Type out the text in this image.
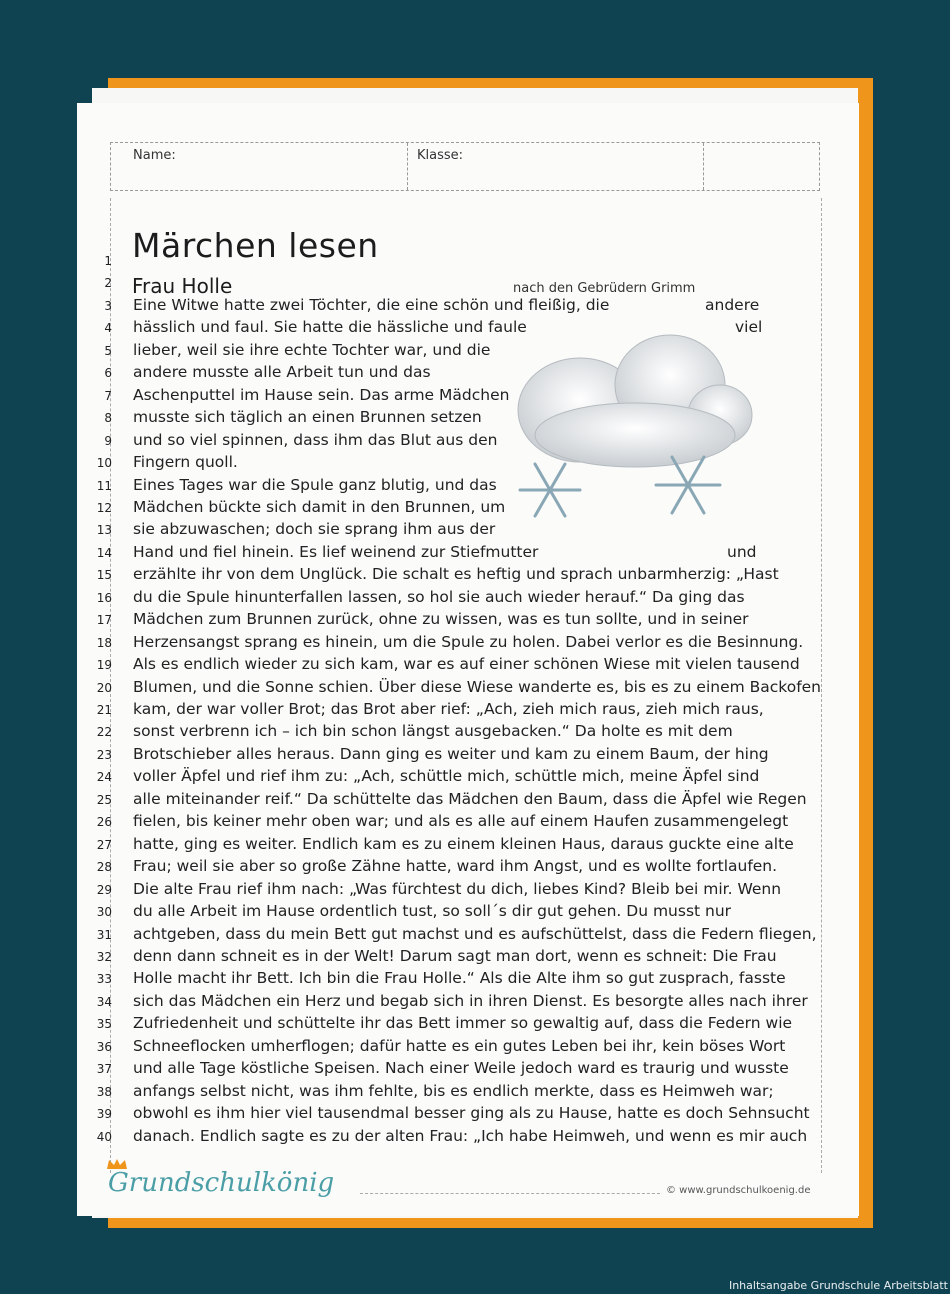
Name:	Klasse:
Märchen lesen
Frau Holle	nach den Gebrüdern Grimm
1
2
3 Eine Witwe hatte zwei Töchter, die eine schön und fleißig, die	andere
4 hässlich und faul. Sie hatte die hässliche und faule	viel
5 lieber, weil sie ihre echte Tochter war, und die
6 andere musste alle Arbeit tun und das
7 Aschenputtel im Hause sein. Das arme Mädchen
8 musste sich täglich an einen Brunnen setzen
9 und so viel spinnen, dass ihm das Blut aus den
10 Fingern quoll.
11 Eines Tages war die Spule ganz blutig, und das
12 Mädchen bückte sich damit in den Brunnen, um
13 sie abzuwaschen; doch sie sprang ihm aus der
14 Hand und fiel hinein. Es lief weinend zur Stiefmutter	und
15 erzählte ihr von dem Unglück. Die schalt es heftig und sprach unbarmherzig: „Hast
16 du die Spule hinunterfallen lassen, so hol sie auch wieder herauf.“ Da ging das
17 Mädchen zum Brunnen zurück, ohne zu wissen, was es tun sollte, und in seiner
18 Herzensangst sprang es hinein, um die Spule zu holen. Dabei verlor es die Besinnung.
19 Als es endlich wieder zu sich kam, war es auf einer schönen Wiese mit vielen tausend
20 Blumen, und die Sonne schien. Über diese Wiese wanderte es, bis es zu einem Backofen
21 kam, der war voller Brot; das Brot aber rief: „Ach, zieh mich raus, zieh mich raus,
22 sonst verbrenn ich – ich bin schon längst ausgebacken.“ Da holte es mit dem
23 Brotschieber alles heraus. Dann ging es weiter und kam zu einem Baum, der hing
24 voller Äpfel und rief ihm zu: „Ach, schüttle mich, schüttle mich, meine Äpfel sind
25 alle miteinander reif.“ Da schüttelte das Mädchen den Baum, dass die Äpfel wie Regen
26 fielen, bis keiner mehr oben war; und als es alle auf einem Haufen zusammengelegt
27 hatte, ging es weiter. Endlich kam es zu einem kleinen Haus, daraus guckte eine alte
28 Frau; weil sie aber so große Zähne hatte, ward ihm Angst, und es wollte fortlaufen.
29 Die alte Frau rief ihm nach: „Was fürchtest du dich, liebes Kind? Bleib bei mir. Wenn
30 du alle Arbeit im Hause ordentlich tust, so soll´s dir gut gehen. Du musst nur
31 achtgeben, dass du mein Bett gut machst und es aufschüttelst, dass die Federn fliegen,
32 denn dann schneit es in der Welt! Darum sagt man dort, wenn es schneit: Die Frau
33 Holle macht ihr Bett. Ich bin die Frau Holle.“ Als die Alte ihm so gut zusprach, fasste
34 sich das Mädchen ein Herz und begab sich in ihren Dienst. Es besorgte alles nach ihrer
35 Zufriedenheit und schüttelte ihr das Bett immer so gewaltig auf, dass die Federn wie
36 Schneeflocken umherflogen; dafür hatte es ein gutes Leben bei ihr, kein böses Wort
37 und alle Tage köstliche Speisen. Nach einer Weile jedoch ward es traurig und wusste
38 anfangs selbst nicht, was ihm fehlte, bis es endlich merkte, dass es Heimweh war;
39 obwohl es ihm hier viel tausendmal besser ging als zu Hause, hatte es doch Sehnsucht
40 danach. Endlich sagte es zu der alten Frau: „Ich habe Heimweh, und wenn es mir auch
Grundschulkönig	© www.grundschulkoenig.de
Inhaltsangabe Grundschule Arbeitsblatt
